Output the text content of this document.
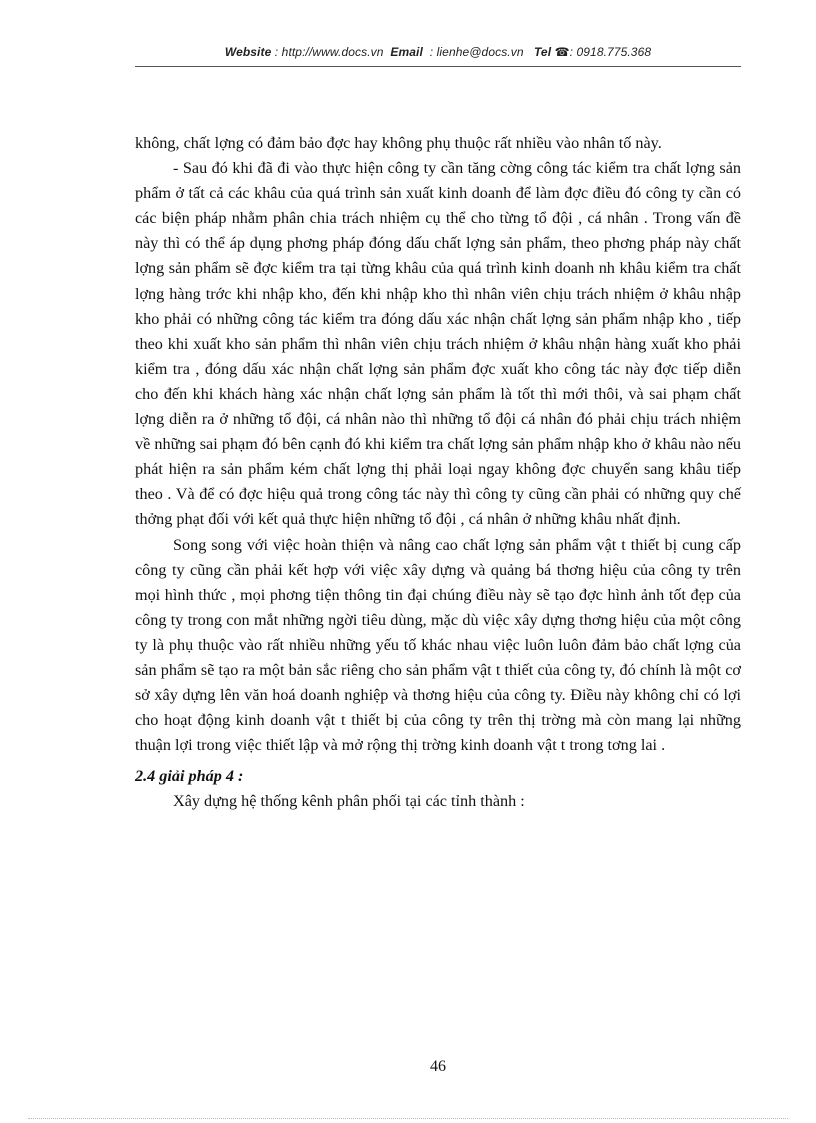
Website : http://www.docs.vn Email : lienhe@docs.vn Tel ☎: 0918.775.368

không, chất lợng có đảm bảo đợc hay không phụ thuộc rất nhiều vào nhân tố này.

- Sau đó khi đã đi vào thực hiện công ty cần tăng cờng công tác kiểm tra chất lợng sản phẩm ở tất cả các khâu của quá trình sản xuất kinh doanh để làm đợc điều đó công ty cần có các biện pháp nhằm phân chia trách nhiệm cụ thể cho từng tổ đội , cá nhân . Trong vấn đề này thì có thể áp dụng phơng pháp đóng dấu chất lợng sản phẩm, theo phơng pháp này chất lợng sản phẩm sẽ đợc kiểm tra tại từng khâu của quá trình kinh doanh nh khâu kiểm tra chất lợng hàng trớc khi nhập kho, đến khi nhập kho thì nhân viên chịu trách nhiệm ở khâu nhập kho phải có những công tác kiểm tra đóng dấu xác nhận chất lợng sản phẩm nhập kho , tiếp theo khi xuất kho sản phẩm thì nhân viên chịu trách nhiệm ở khâu nhận hàng xuất kho phải kiểm tra , đóng dấu xác nhận chất lợng sản phẩm đợc xuất kho công tác này đợc tiếp diễn cho đến khi khách hàng xác nhận chất lợng sản phẩm là tốt thì mới thôi, và sai phạm chất lợng diễn ra ở những tổ đội, cá nhân nào thì những tổ đội cá nhân đó phải chịu trách nhiệm về những sai phạm đó bên cạnh đó khi kiểm tra chất lợng sản phẩm nhập kho ở khâu nào nếu phát hiện ra sản phẩm kém chất lợng thị phải loại ngay không đợc chuyển sang khâu tiếp theo . Và để có đợc hiệu quả trong công tác này thì công ty cũng cần phải có những quy chế thởng phạt đối với kết quả thực hiện những tổ đội , cá nhân ở những khâu nhất định.

Song song với việc hoàn thiện và nâng cao chất lợng sản phẩm vật t thiết bị cung cấp công ty cũng cần phải kết hợp với việc xây dựng và quảng bá thơng hiệu của công ty trên mọi hình thức , mọi phơng tiện thông tin đại chúng điều này sẽ tạo đợc hình ảnh tốt đẹp của công ty trong con mắt những ngời tiêu dùng, mặc dù việc xây dựng thơng hiệu của một công ty là phụ thuộc vào rất nhiều những yếu tố khác nhau việc luôn luôn đảm bảo chất lợng của sản phẩm sẽ tạo ra một bản sắc riêng cho sản phẩm vật t thiết của công ty, đó chính là một cơ sở xây dựng lên văn hoá doanh nghiệp và thơng hiệu của công ty. Điều này không chỉ có lợi cho hoạt động kinh doanh vật t thiết bị của công ty trên thị trờng mà còn mang lại những thuận lợi trong việc thiết lập và mở rộng thị trờng kinh doanh vật t trong tơng lai .

2.4 giải pháp 4 :

Xây dựng hệ thống kênh phân phối tại các tỉnh thành :

46
